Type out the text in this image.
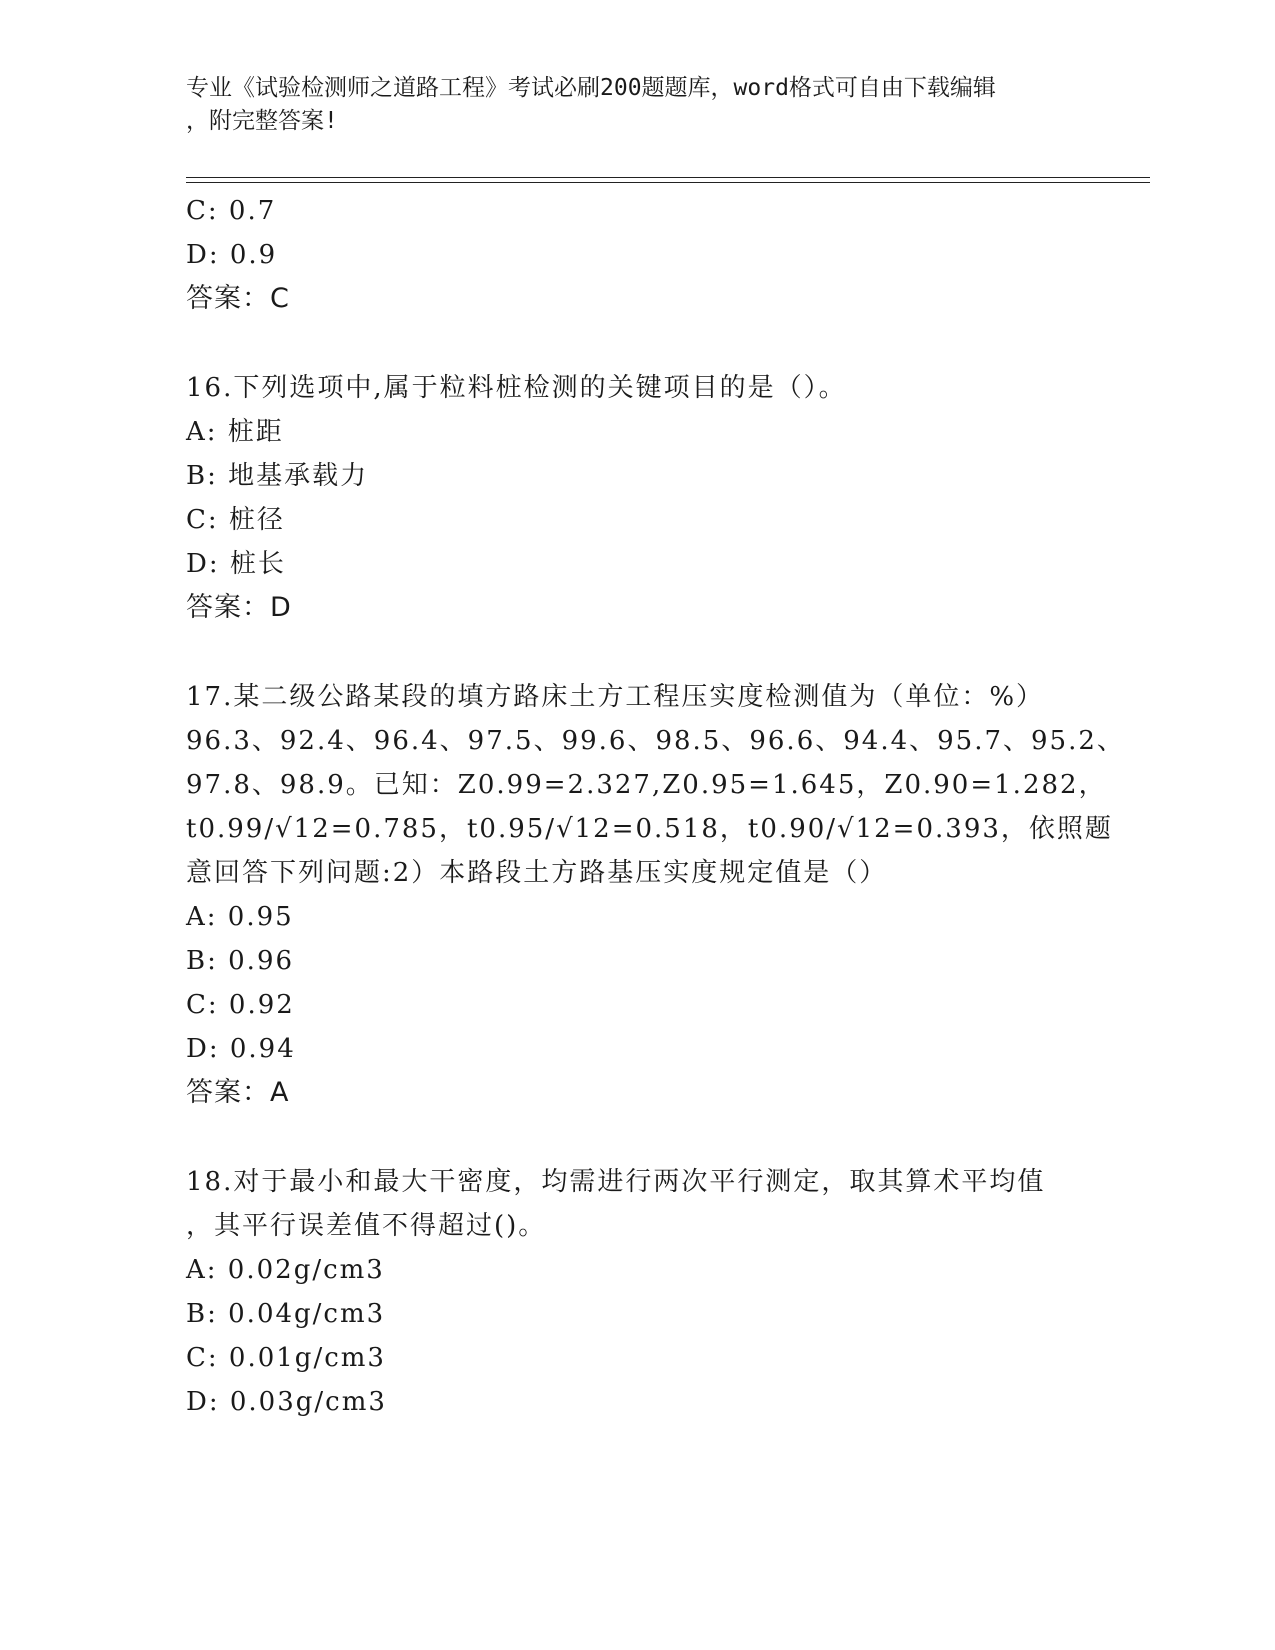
专业《试验检测师之道路工程》考试必刷200题题库，word格式可自由下载编辑
，附完整答案!
C: 0.7
D: 0.9
答案：C
16.下列选项中,属于粒料桩检测的关键项目的是（）。
A: 桩距
B: 地基承载力
C: 桩径
D: 桩长
答案：D
17.某二级公路某段的填方路床土方工程压实度检测值为（单位：%）
96.3、92.4、96.4、97.5、99.6、98.5、96.6、94.4、95.7、95.2、
97.8、98.9。已知：Z0.99=2.327,Z0.95=1.645，Z0.90=1.282，
t0.99/√12=0.785，t0.95/√12=0.518，t0.90/√12=0.393，依照题
意回答下列问题:2）本路段土方路基压实度规定值是（）
A: 0.95
B: 0.96
C: 0.92
D: 0.94
答案：A
18.对于最小和最大干密度，均需进行两次平行测定，取其算术平均值
，其平行误差值不得超过()。
A: 0.02g/cm3
B: 0.04g/cm3
C: 0.01g/cm3
D: 0.03g/cm3
